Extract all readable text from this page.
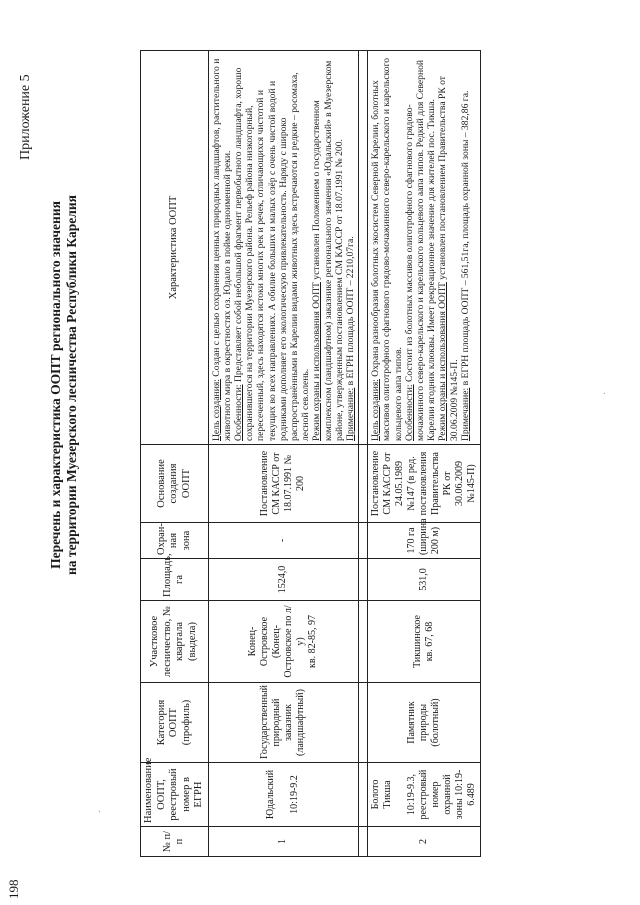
198
Приложение 5
Перечень и характеристика ООПТ регионального значения на территории Муезерского лесничества Республики Карелия
·
·
№ п/п	Наименование ООПТ, реестровый номер в ЕГРН	Категория ООПТ (профиль)	Участковое лесничество, № квартала (выдела)	Площадь, га	Охран-ная зона	Основание создания ООПТ	Характеристика ООПТ
1	Юдальский 10:19-9.2	Государственный природный заказник (ландшафтный)	Конец-Островское (Конец-Островское по л/у) кв. 82-85, 97	1524,0	-	Постановление СМ КАССР от 18.07.1991 № 200	Цель создания: Создан с целью сохранения ценных природных ландшафтов, растительного и животного мира в окрестностях оз. Юдало в пойме одноименной реки.
Особенности: Представляет собой небольшой фрагмент первобытного ландшафта, хорошо сохранившегося на территории Муезерского района. Рельеф района низкогорный, пересеченный, здесь находятся истоки многих рек и речек, отличающихся чистотой и текущих во всех направлениях. А обилие больших и малых озёр с очень чистой водой и родниками дополняет его экологическую привлекательность. Наряду с широко распространёнными в Карелии видами животных здесь встречаются и редкие – росомаха, лесной сев.олень.
Режим охраны и использования ООПТ установлен Положением о государственном комплексном (ландшафтном) заказнике регионального значения «Юдальский» в Муезерском районе, утвержденным постановлением СМ КАССР от 18.07.1991 № 200.
Примечание: в ЕГРН площадь ООПТ – 2210,07га.

2	Болото Тикша 10:19-9.3, реестровый номер охранной зоны 10:19-6.489	Памятник природы (болотный)	Тикшинское кв. 67, 68	531,0	170 га (ширина 200 м)	Постановление СМ КАССР от 24.05.1989 №147 (в ред. постановления Правительства РК от 30.06.2009 №145-П)	Цель создания: Охрана разнообразия болотных экосистем Северной Карелии, болотных массивов олиготрофного сфагнового грядово-мочажинного северо-карельского и карельского кольцевого аапа типов.
Особенности: Состоит из болотных массивов олиготрофного сфагнового грядово-мочажинного северо-карельского и карельского кольцевого аапа типов. Редкий для Северной Карелии ягодник клюквы. Имеет рекреационное значение для жителей пос. Тикша.
Режим охраны и использования ООПТ установлен постановлением Правительства РК от 30.06.2009 №145-П.
Примечание: в ЕГРН площадь ООПТ – 561,51га, площадь охранной зоны – 382,86 га.
